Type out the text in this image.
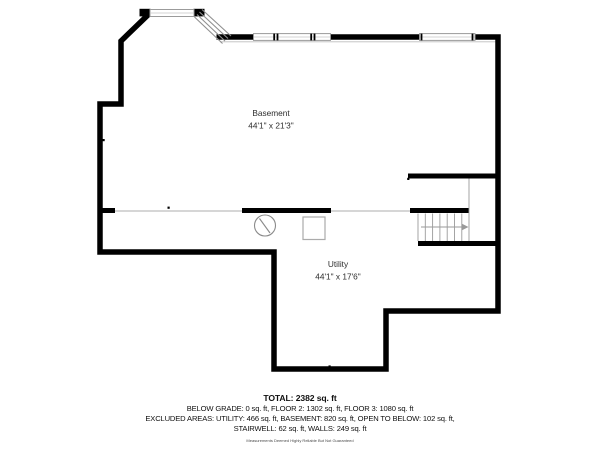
Basement
44'1" x 21'3"
Utility
44'1" x 17'6"
TOTAL: 2382 sq. ft
BELOW GRADE: 0 sq. ft, FLOOR 2: 1302 sq. ft, FLOOR 3: 1080 sq. ft
EXCLUDED AREAS: UTILITY: 466 sq. ft, BASEMENT: 820 sq. ft, OPEN TO BELOW: 102 sq. ft,
STAIRWELL: 62 sq. ft, WALLS: 249 sq. ft
Measurements Deemed Highly Reliable But Not Guaranteed
